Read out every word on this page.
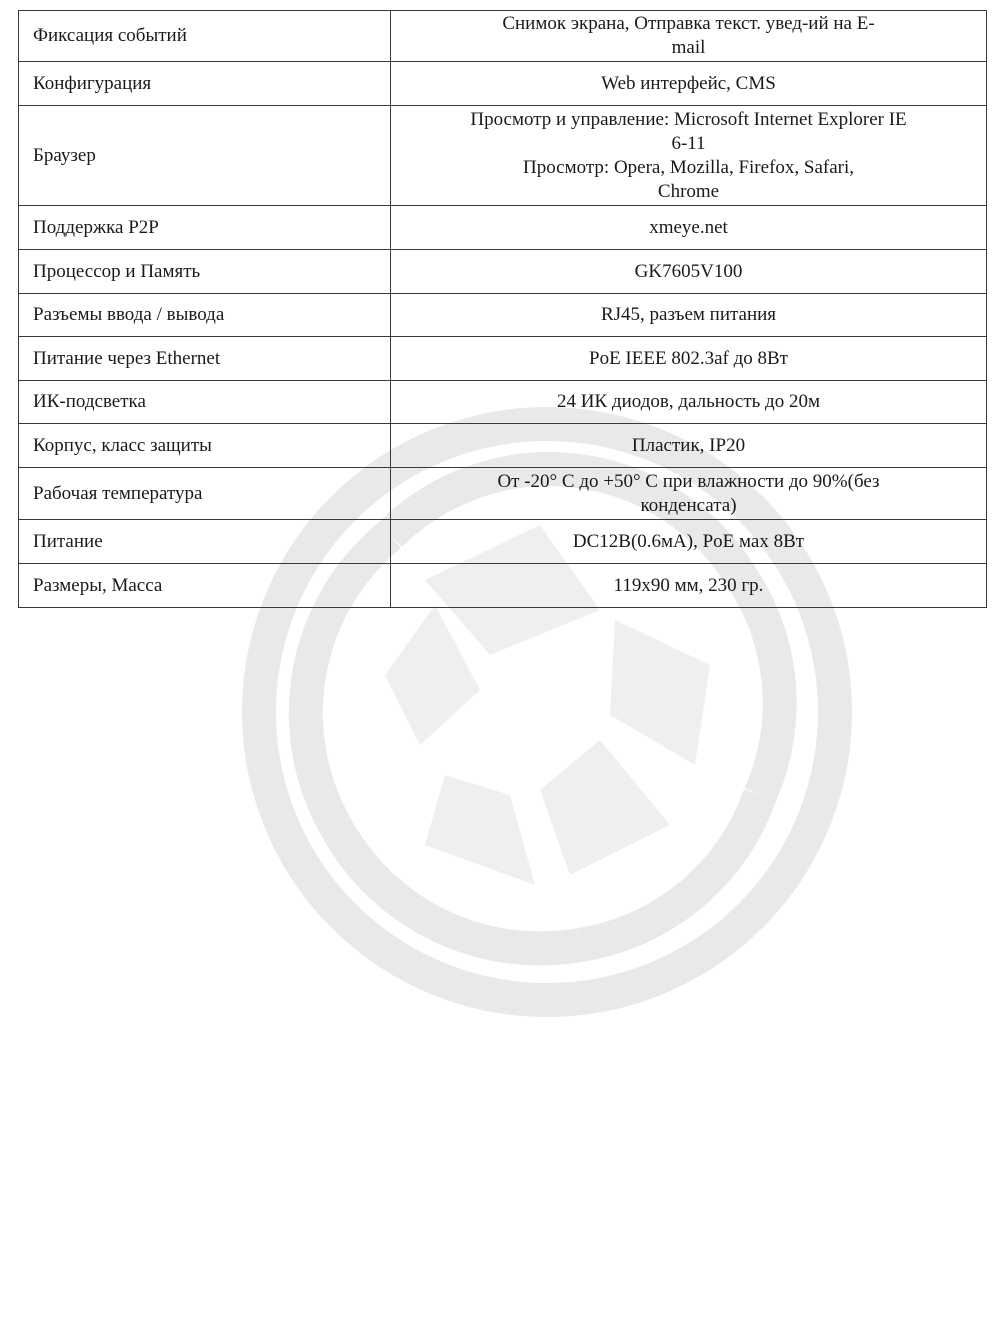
Фиксация событий	Снимок экрана, Отправка текст. увед-ий на E-
mail

Конфигурация	Web интерфейс, CMS

Браузер	Просмотр и управление: Microsoft Internet Explorer IE
6-11
Просмотр: Opera, Mozilla, Firefox, Safari,
Chrome

Поддержка P2P	xmeye.net

Процессор и Память	GK7605V100

Разъемы ввода / вывода	RJ45, разъем питания

Питание через Ethernet	PoE IEEE 802.3af до 8Вт

ИК-подсветка	24 ИК диодов, дальность до 20м

Корпус, класс защиты	Пластик, IP20

Рабочая температура	От -20° С до +50° С при влажности до 90%(без
конденсата)

Питание	DC12В(0.6мА), PoE мах 8Вт

Размеры, Масса	119х90 мм, 230 гр.
